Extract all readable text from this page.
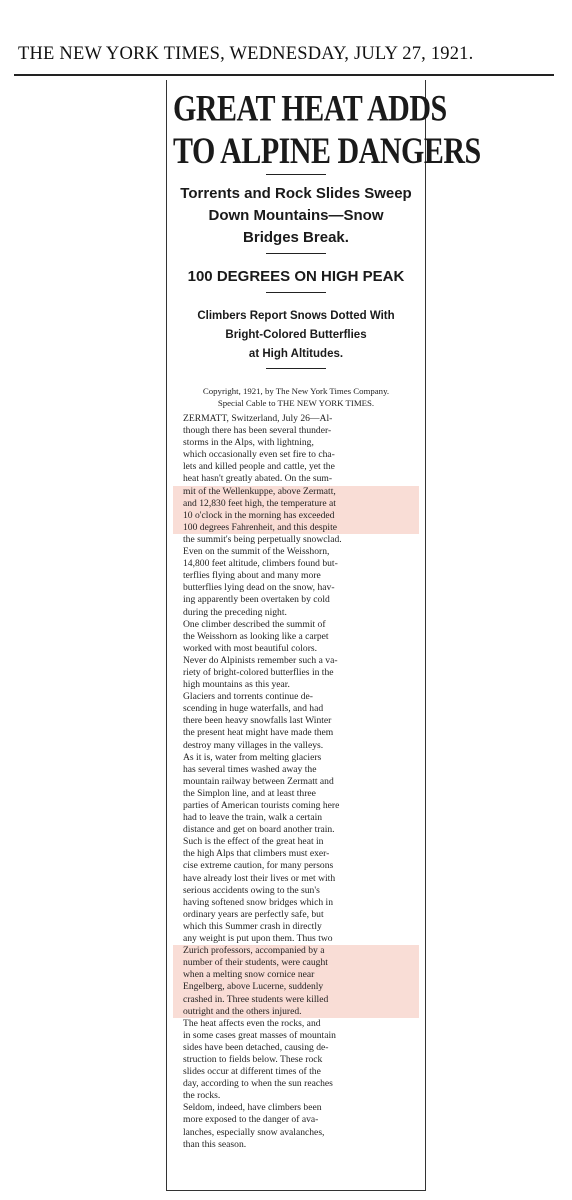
THE NEW YORK TIMES, WEDNESDAY, JULY 27, 1921.
GREAT HEAT ADDS
TO ALPINE DANGERS
Torrents and Rock Slides Sweep
Down Mountains—Snow
Bridges Break.
100 DEGREES ON HIGH PEAK
Climbers Report Snows Dotted With
Bright-Colored Butterflies
at High Altitudes.
Copyright, 1921, by The New York Times Company.
Special Cable to THE NEW YORK TIMES.

ZERMATT, Switzerland, July 26—Al-
though there has been several thunder-
storms in the Alps, with lightning,
which occasionally even set fire to cha-
lets and killed people and cattle, yet the
heat hasn't greatly abated. On the sum-
mit of the Wellenkuppe, above Zermatt,
and 12,830 feet high, the temperature at
10 o'clock in the morning has exceeded
100 degrees Fahrenheit, and this despite
the summit's being perpetually snowclad.
Even on the summit of the Weisshorn,
14,800 feet altitude, climbers found but-
terflies flying about and many more
butterflies lying dead on the snow, hav-
ing apparently been overtaken by cold
during the preceding night.

One climber described the summit of
the Weisshorn as looking like a carpet
worked with most beautiful colors.
Never do Alpinists remember such a va-
riety of bright-colored butterflies in the
high mountains as this year.

Glaciers and torrents continue de-
scending in huge waterfalls, and had
there been heavy snowfalls last Winter
the present heat might have made them
destroy many villages in the valleys.
As it is, water from melting glaciers
has several times washed away the
mountain railway between Zermatt and
the Simplon line, and at least three
parties of American tourists coming here
had to leave the train, walk a certain
distance and get on board another train.

Such is the effect of the great heat in
the high Alps that climbers must exer-
cise extreme caution, for many persons
have already lost their lives or met with
serious accidents owing to the sun's
having softened snow bridges which in
ordinary years are perfectly safe, but
which this Summer crash in directly
any weight is put upon them. Thus two
Zurich professors, accompanied by a
number of their students, were caught
when a melting snow cornice near
Engelberg, above Lucerne, suddenly
crashed in. Three students were killed
outright and the others injured.

The heat affects even the rocks, and
in some cases great masses of mountain
sides have been detached, causing de-
struction to fields below. These rock
slides occur at different times of the
day, according to when the sun reaches
the rocks.

Seldom, indeed, have climbers been
more exposed to the danger of ava-
lanches, especially snow avalanches,
than this season.
